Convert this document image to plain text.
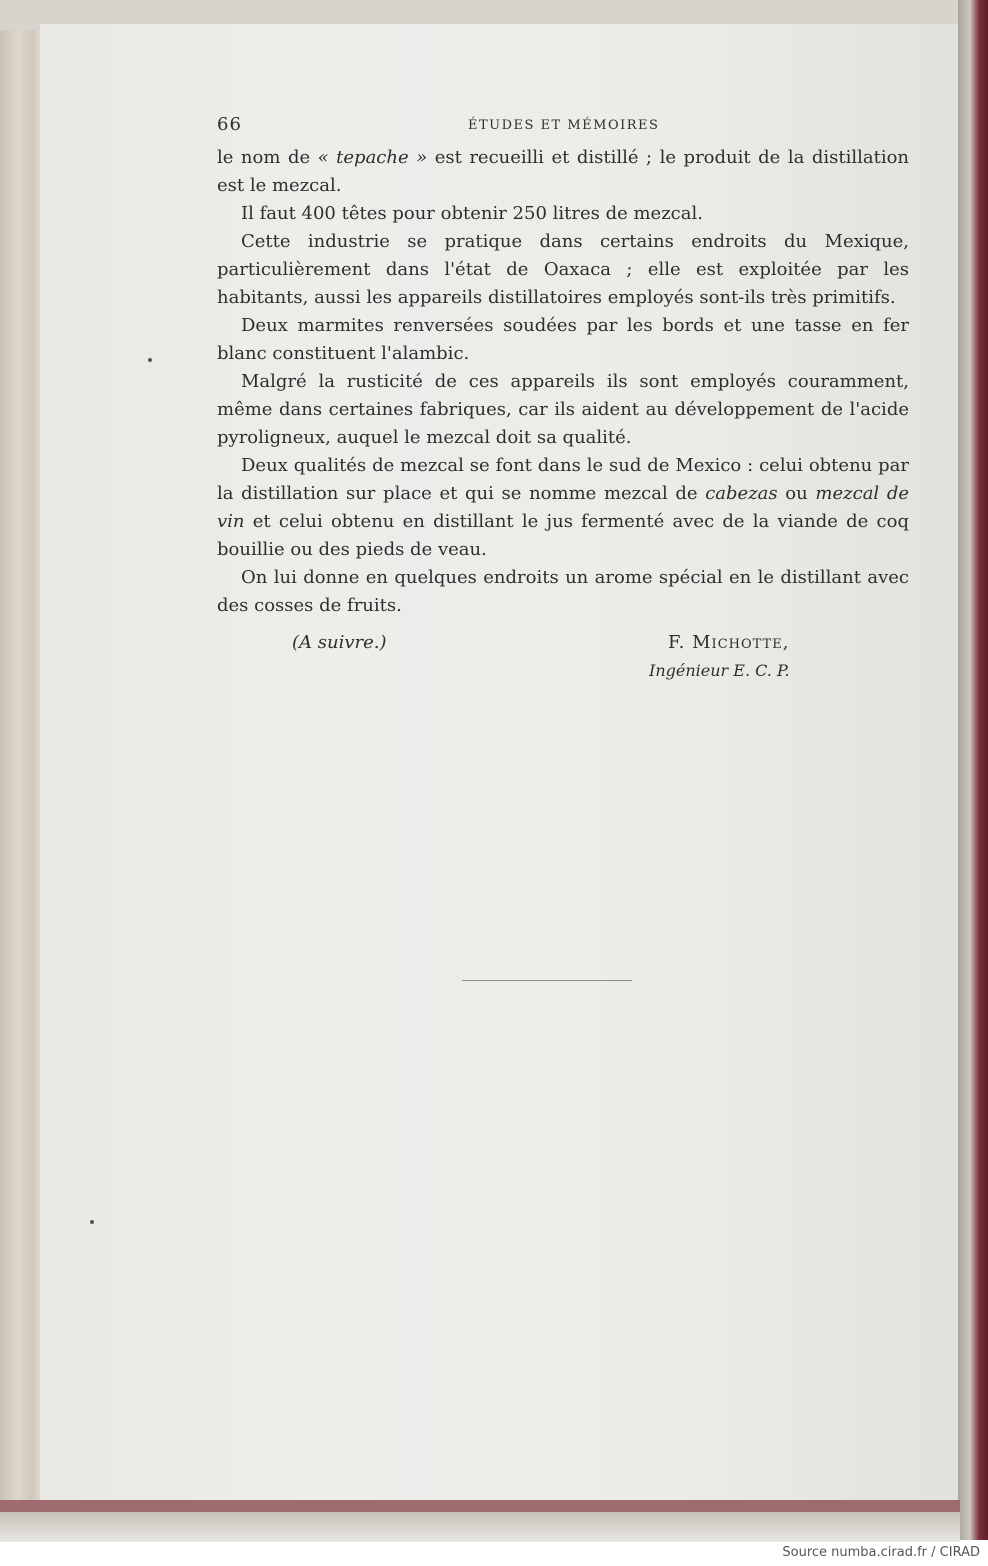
66	ÉTUDES ET MÉMOIRES

le nom de « tepache » est recueilli et distillé ; le produit de la distillation est le mezcal.

Il faut 400 têtes pour obtenir 250 litres de mezcal.

Cette industrie se pratique dans certains endroits du Mexique, particulièrement dans l'état de Oaxaca ; elle est exploitée par les habitants, aussi les appareils distillatoires employés sont-ils très primitifs.

Deux marmites renversées soudées par les bords et une tasse en fer blanc constituent l'alambic.

Malgré la rusticité de ces appareils ils sont employés couramment, même dans certaines fabriques, car ils aident au développement de l'acide pyroligneux, auquel le mezcal doit sa qualité.

Deux qualités de mezcal se font dans le sud de Mexico : celui obtenu par la distillation sur place et qui se nomme mezcal de cabezas ou mezcal de vin et celui obtenu en distillant le jus fermenté avec de la viande de coq bouillie ou des pieds de veau.

On lui donne en quelques endroits un arome spécial en le distillant avec des cosses de fruits.

(A suivre.)	F. Michotte,
Ingénieur E. C. P.
Source numba.cirad.fr / CIRAD
